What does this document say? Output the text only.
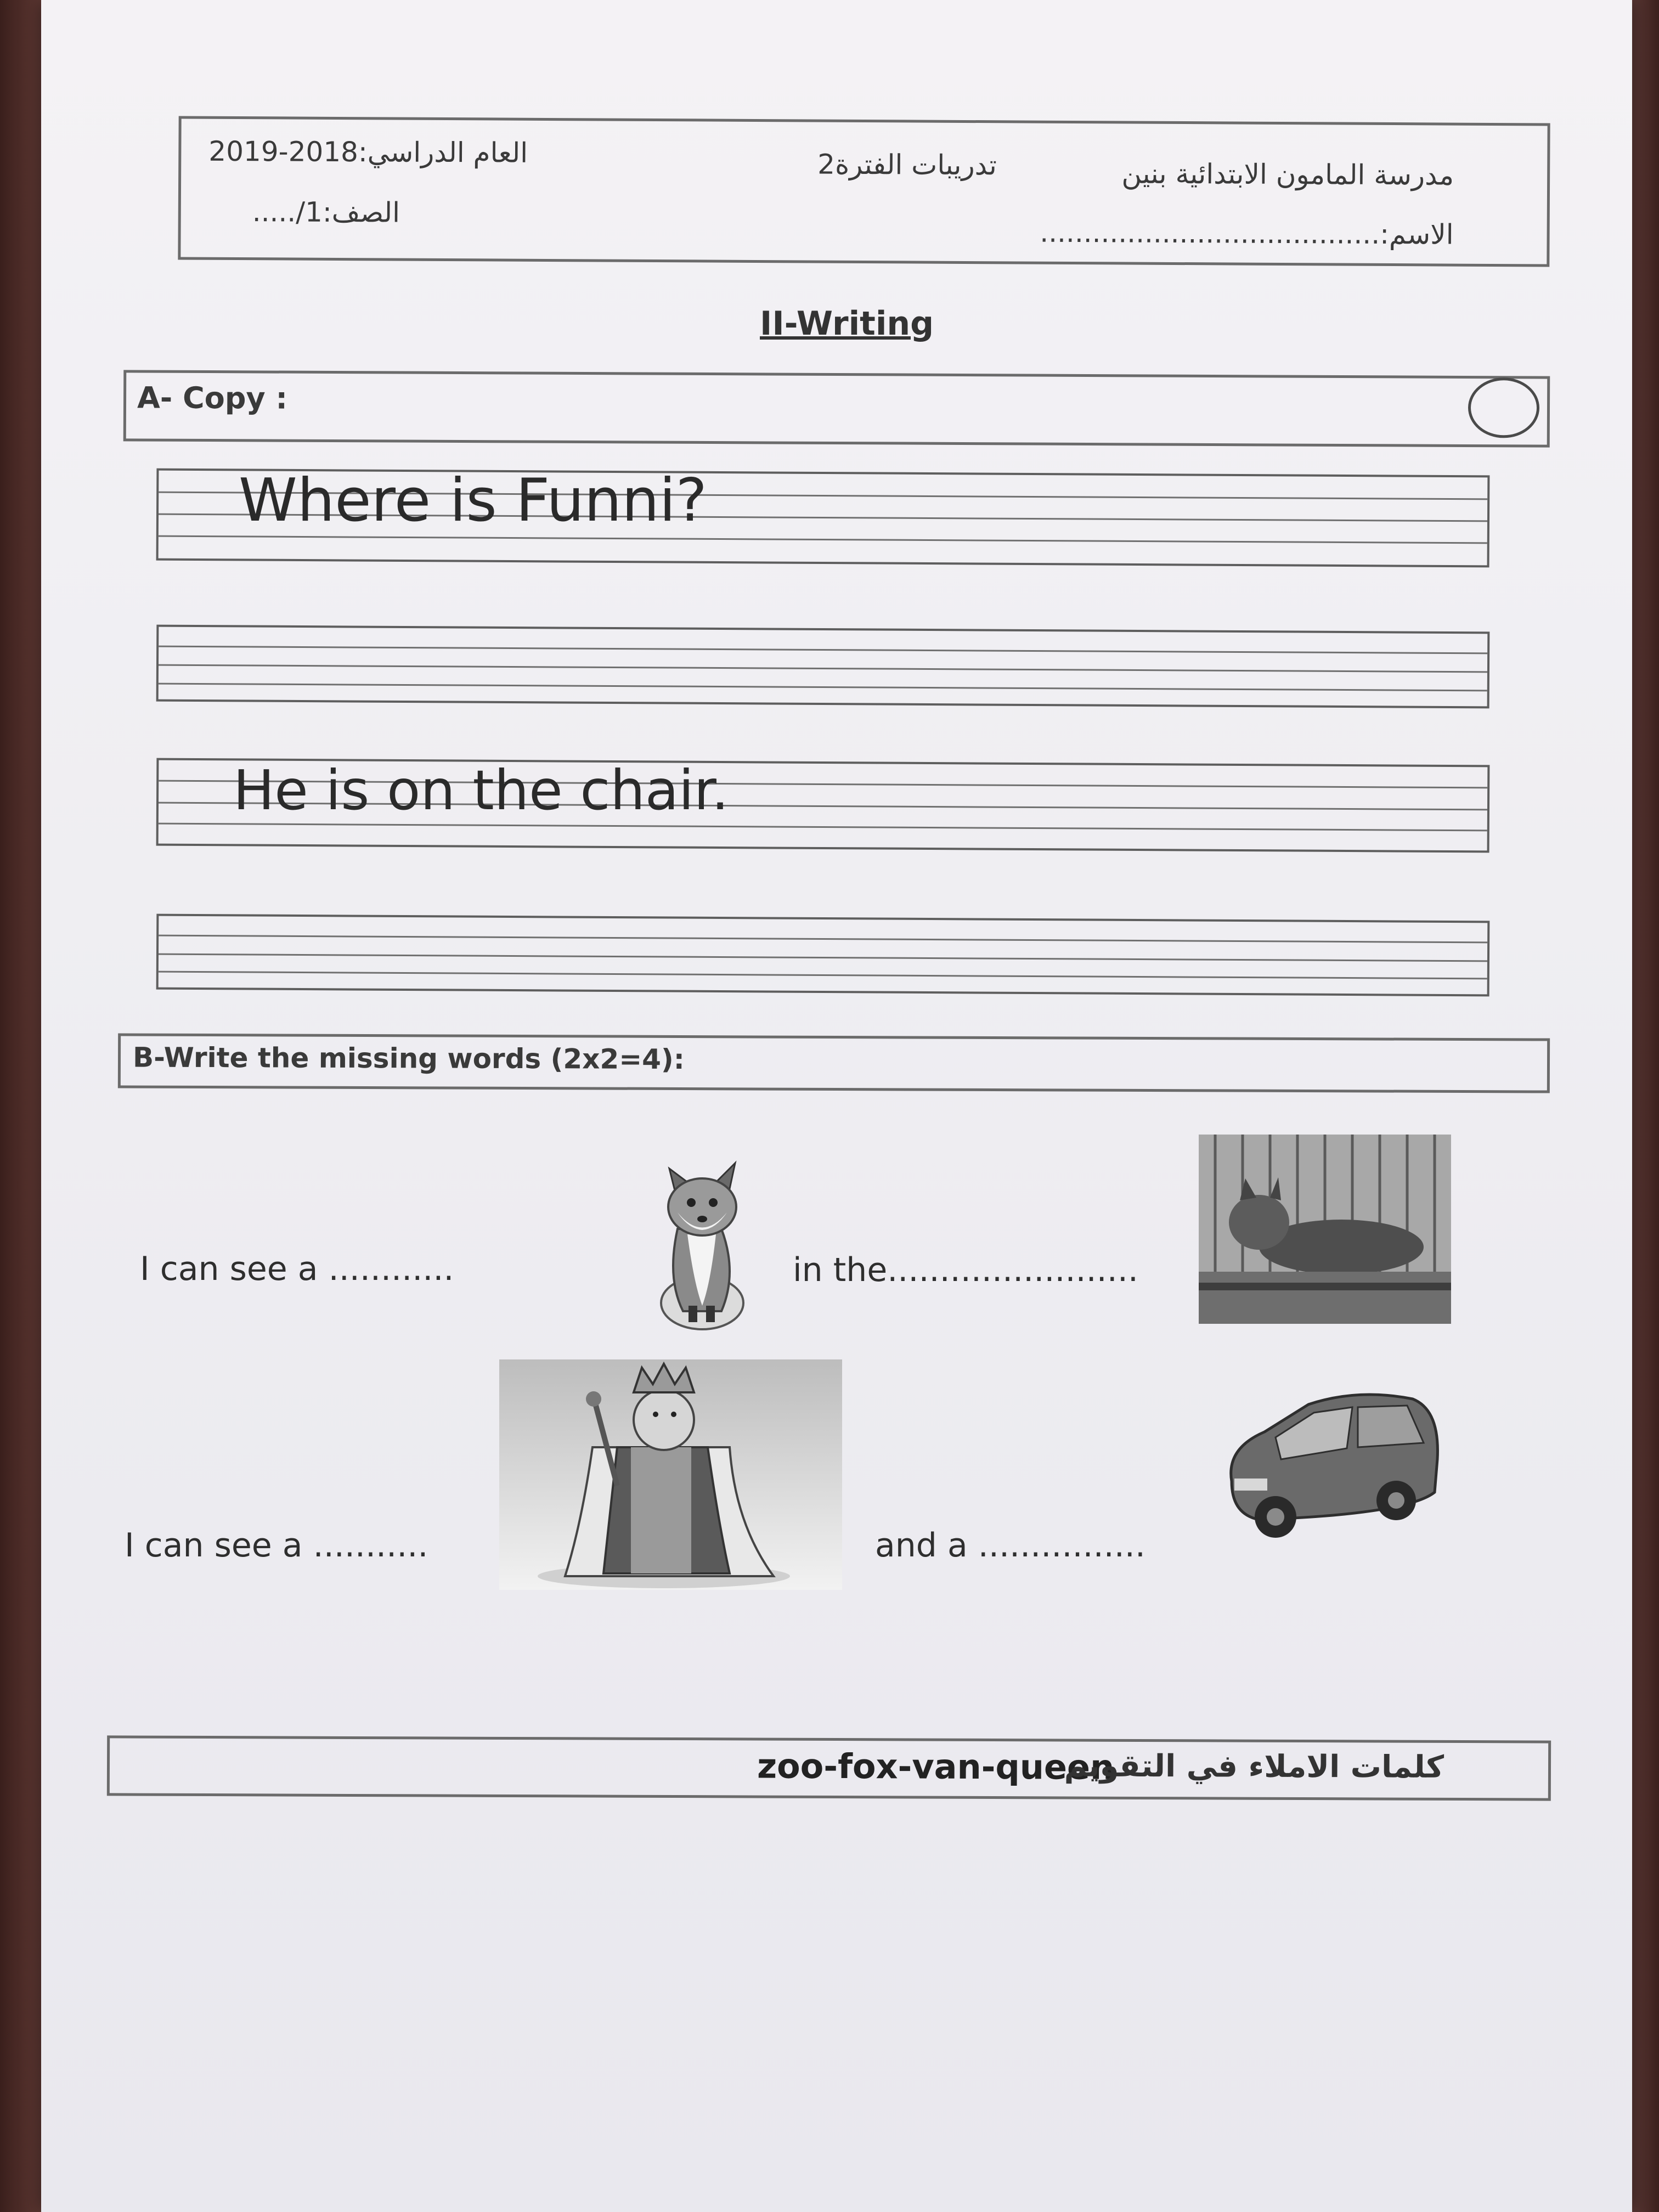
مدرسة المامون الابتدائية بنين
تدريبات الفترة2
العام الدراسي:2018-2019
الاسم:.......................................
الصف:1/.....
II-Writing
A- Copy :
Where is Funni?
He is on the chair.
B-Write the missing words (2x2=4):
I can see a ............	in the........................
I can see a ...........	and a ................
zoo-fox-van-queen
كلمات الاملاء في التقويم
